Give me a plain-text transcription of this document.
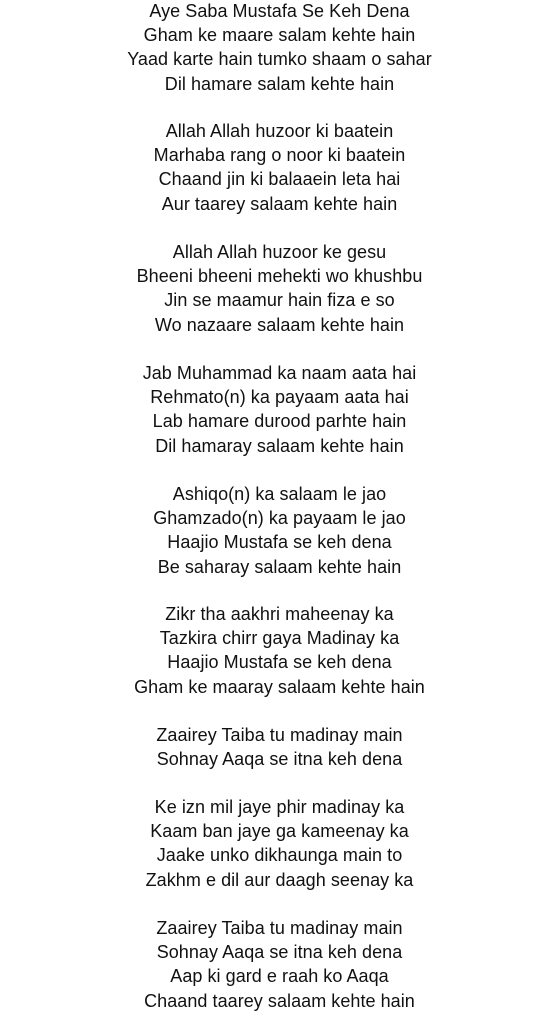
Aye Saba Mustafa Se Keh Dena
Gham ke maare salam kehte hain
Yaad karte hain tumko shaam o sahar
Dil hamare salam kehte hain
Allah Allah huzoor ki baatein
Marhaba rang o noor ki baatein
Chaand jin ki balaaein leta hai
Aur taarey salaam kehte hain
Allah Allah huzoor ke gesu
Bheeni bheeni mehekti wo khushbu
Jin se maamur hain fiza e so
Wo nazaare salaam kehte hain
Jab Muhammad ka naam aata hai
Rehmato(n) ka payaam aata hai
Lab hamare durood parhte hain
Dil hamaray salaam kehte hain
Ashiqo(n) ka salaam le jao
Ghamzado(n) ka payaam le jao
Haajio Mustafa se keh dena
Be saharay salaam kehte hain
Zikr tha aakhri maheenay ka
Tazkira chirr gaya Madinay ka
Haajio Mustafa se keh dena
Gham ke maaray salaam kehte hain
Zaairey Taiba tu madinay main
Sohnay Aaqa se itna keh dena
Ke izn mil jaye phir madinay ka
Kaam ban jaye ga kameenay ka
Jaake unko dikhaunga main to
Zakhm e dil aur daagh seenay ka
Zaairey Taiba tu madinay main
Sohnay Aaqa se itna keh dena
Aap ki gard e raah ko Aaqa
Chaand taarey salaam kehte hain
